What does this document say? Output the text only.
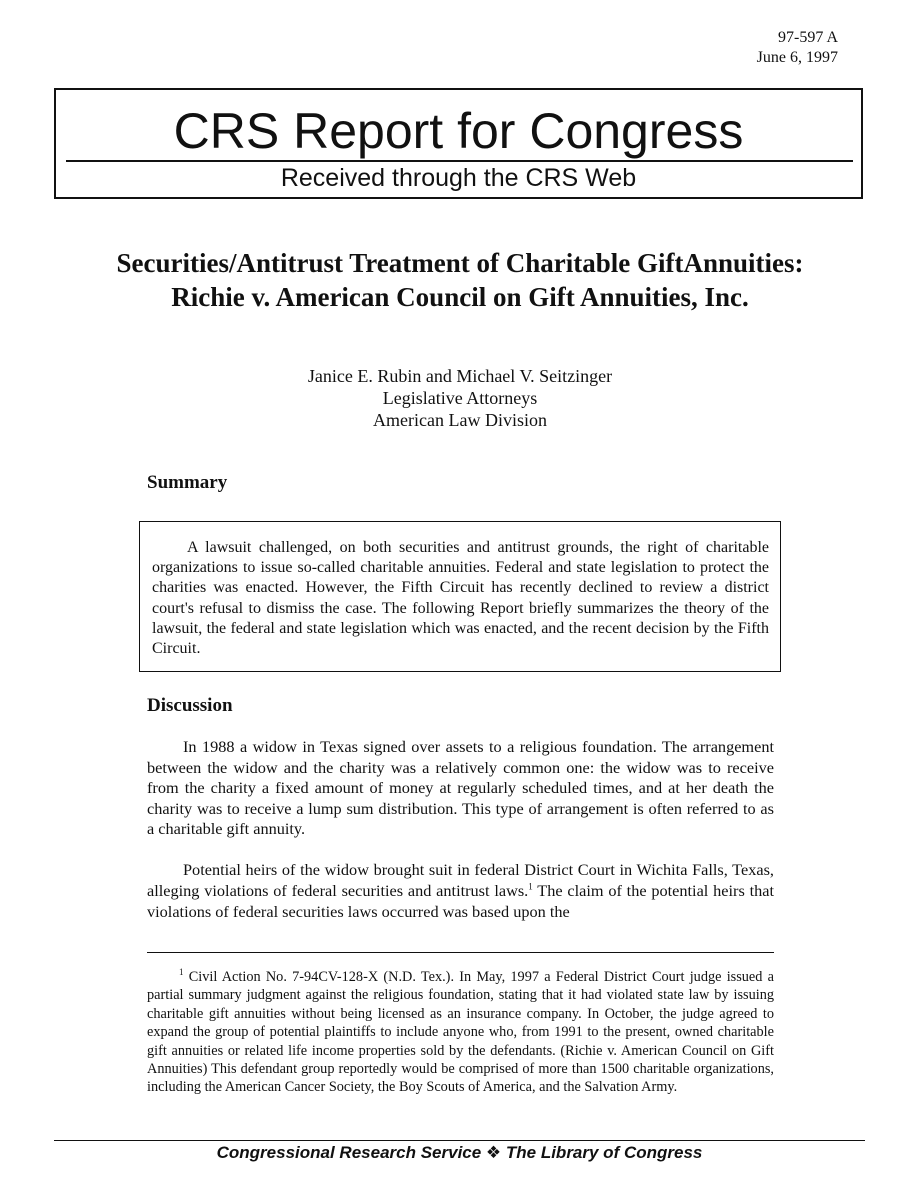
97-597 A
June 6, 1997
CRS Report for Congress
Received through the CRS Web
Securities/Antitrust Treatment of Charitable GiftAnnuities: Richie v. American Council on Gift Annuities, Inc.
Janice E. Rubin and Michael V. Seitzinger
Legislative Attorneys
American Law Division
Summary

A lawsuit challenged, on both securities and antitrust grounds, the right of charitable organizations to issue so-called charitable annuities. Federal and state legislation to protect the charities was enacted. However, the Fifth Circuit has recently declined to review a district court's refusal to dismiss the case. The following Report briefly summarizes the theory of the lawsuit, the federal and state legislation which was enacted, and the recent decision by the Fifth Circuit.

Discussion

In 1988 a widow in Texas signed over assets to a religious foundation. The arrangement between the widow and the charity was a relatively common one: the widow was to receive from the charity a fixed amount of money at regularly scheduled times, and at her death the charity was to receive a lump sum distribution. This type of arrangement is often referred to as a charitable gift annuity.

Potential heirs of the widow brought suit in federal District Court in Wichita Falls, Texas, alleging violations of federal securities and antitrust laws.$^1$ The claim of the potential heirs that violations of federal securities laws occurred was based upon the

$^1$ Civil Action No. 7-94CV-128-X (N.D. Tex.). In May, 1997 a Federal District Court judge issued a partial summary judgment against the religious foundation, stating that it had violated state law by issuing charitable gift annuities without being licensed as an insurance company. In October, the judge agreed to expand the group of potential plaintiffs to include anyone who, from 1991 to the present, owned charitable gift annuities or related life income properties sold by the defendants. (Richie v. American Council on Gift Annuities) This defendant group reportedly would be comprised of more than 1500 charitable organizations, including the American Cancer Society, the Boy Scouts of America, and the Salvation Army.

Congressional Research Service ❖ The Library of Congress
